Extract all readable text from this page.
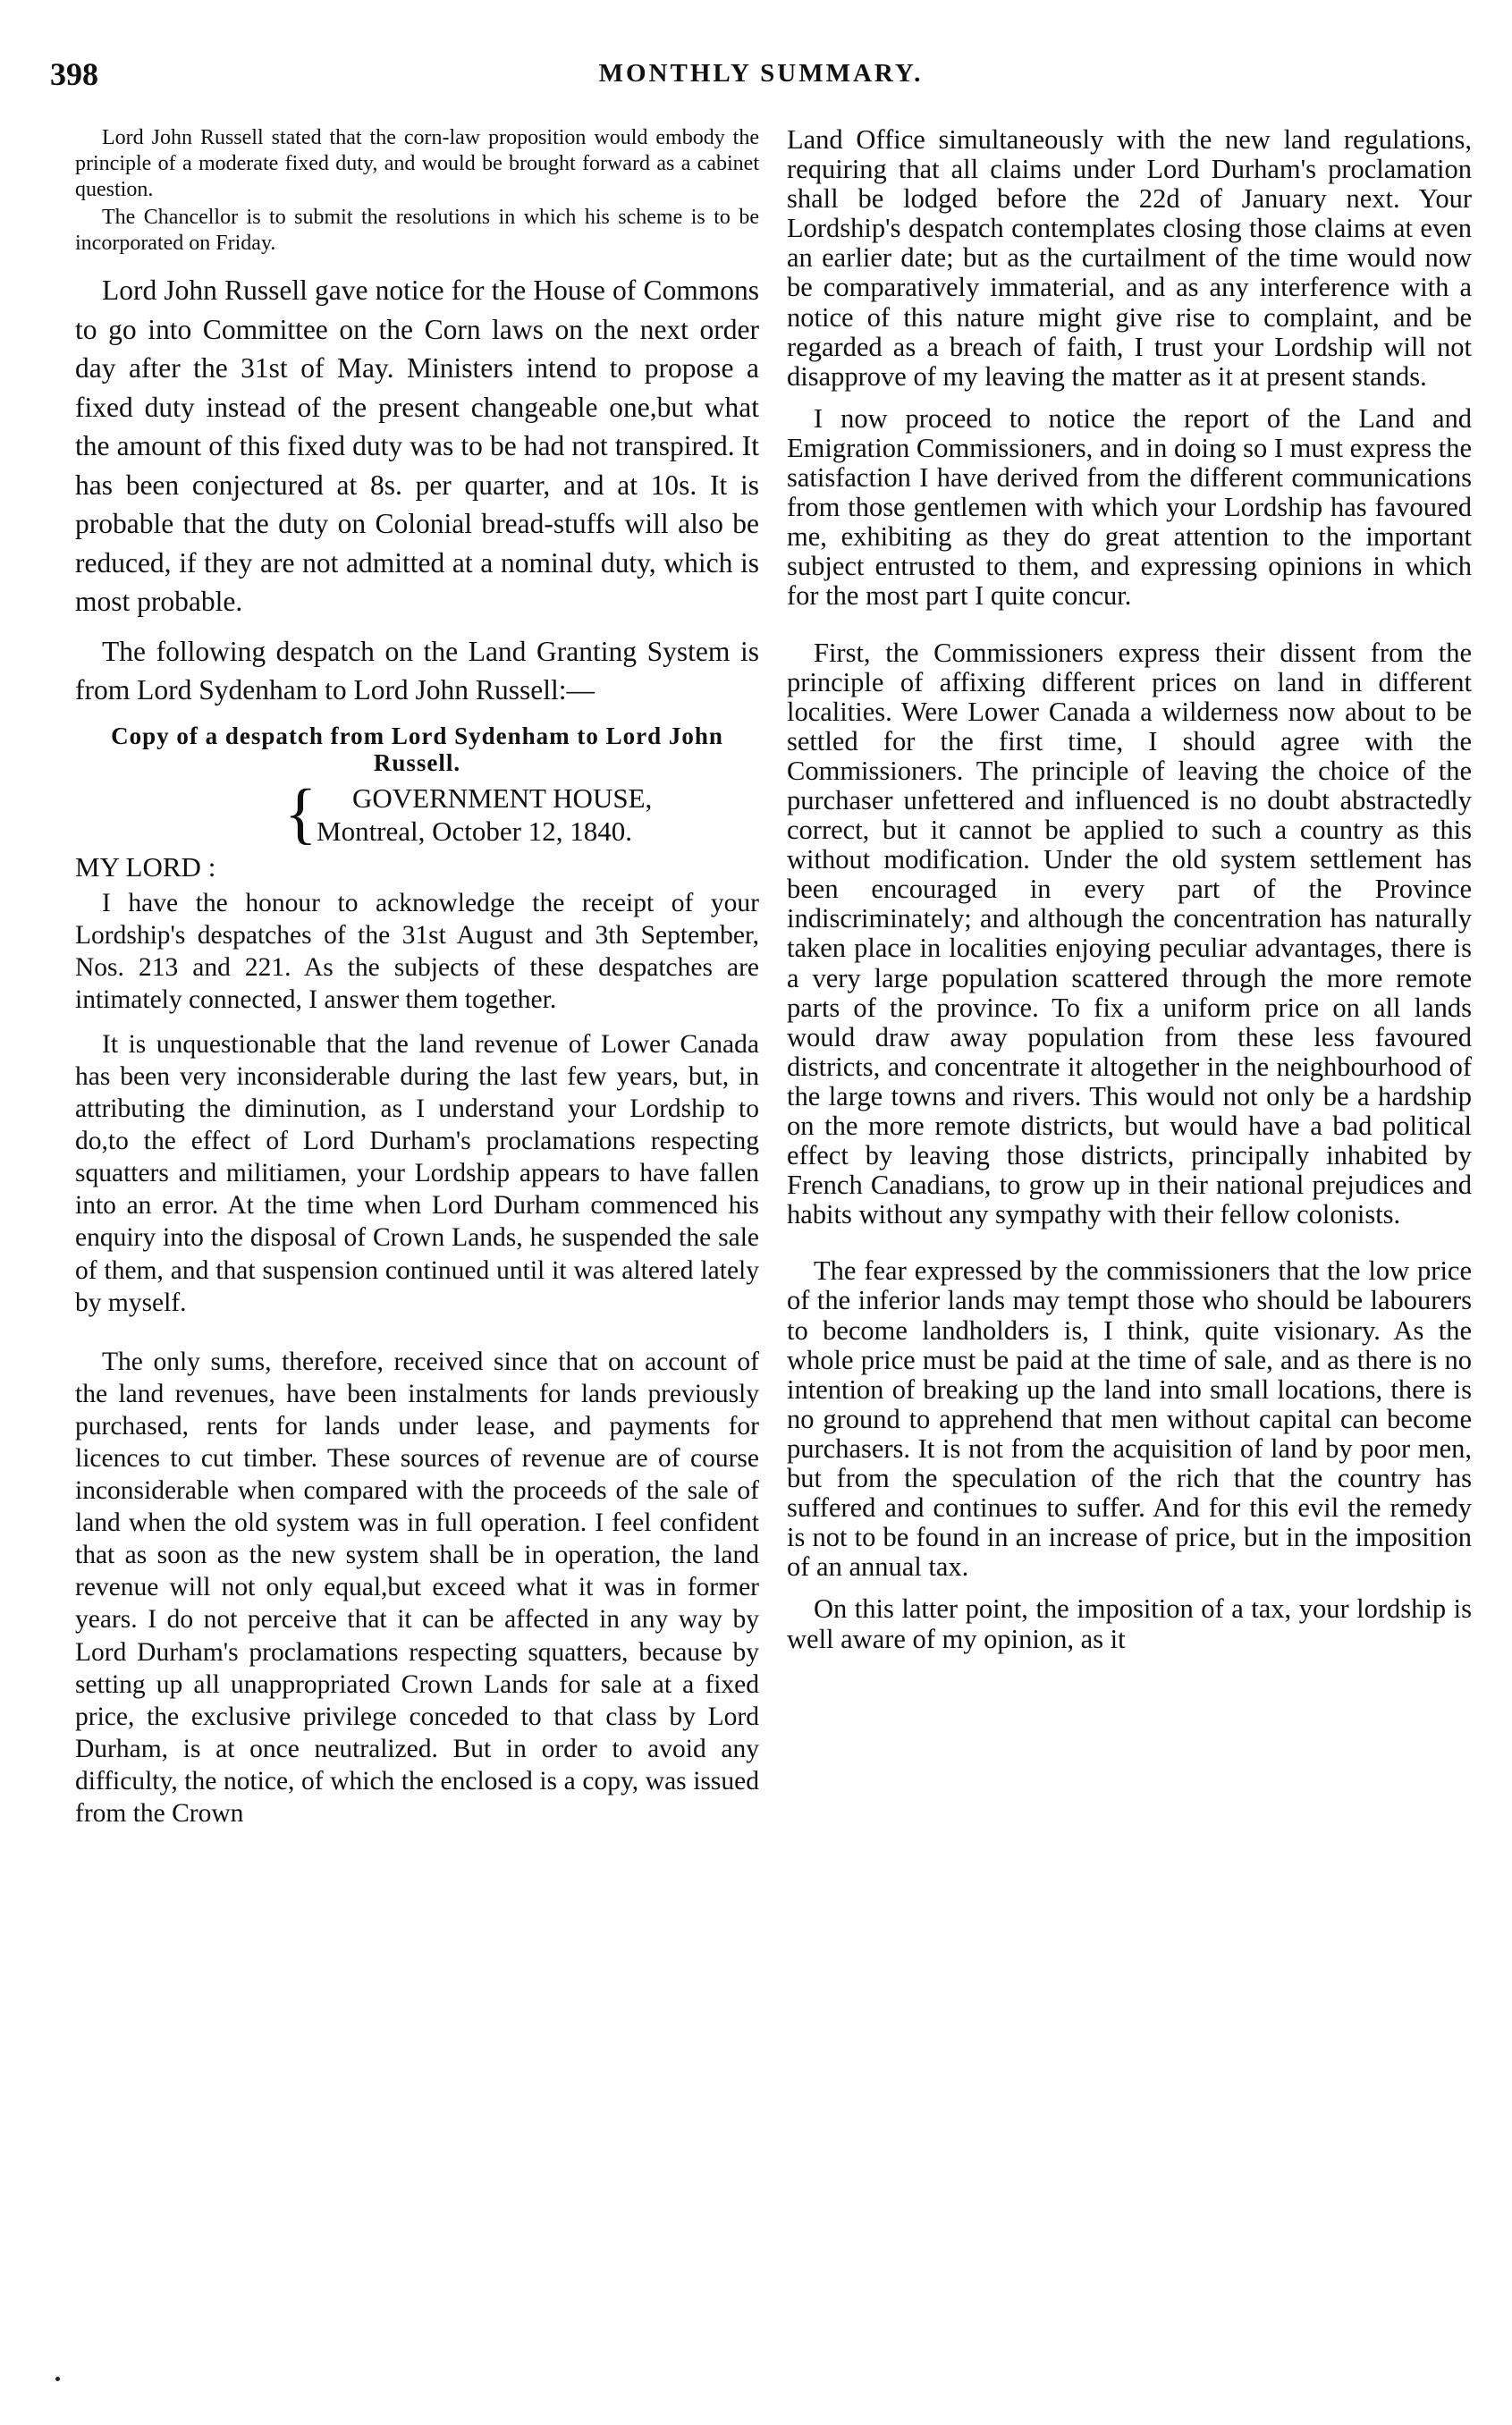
398	MONTHLY SUMMARY.

Lord John Russell stated that the corn-law proposition would embody the principle of a moderate fixed duty, and would be brought forward as a cabinet question.

The Chancellor is to submit the resolutions in which his scheme is to be incorporated on Friday.

Lord John Russell gave notice for the House of Commons to go into Committee on the Corn laws on the next order day after the 31st of May. Ministers intend to propose a fixed duty instead of the present changeable one,but what the amount of this fixed duty was to be had not transpired. It has been conjectured at 8s. per quarter, and at 10s. It is probable that the duty on Colonial bread-stuffs will also be reduced, if they are not admitted at a nominal duty, which is most probable.

The following despatch on the Land Granting System is from Lord Sydenham to Lord John Russell:—

Copy of a despatch from Lord Sydenham to Lord John Russell.
{	GOVERNMENT HOUSE,
Montreal, October 12, 1840.
MY LORD :

I have the honour to acknowledge the receipt of your Lordship's despatches of the 31st August and 3th September, Nos. 213 and 221. As the subjects of these despatches are intimately connected, I answer them together.

It is unquestionable that the land revenue of Lower Canada has been very inconsiderable during the last few years, but, in attributing the diminution, as I understand your Lordship to do,to the effect of Lord Durham's proclamations respecting squatters and militiamen, your Lordship appears to have fallen into an error. At the time when Lord Durham commenced his enquiry into the disposal of Crown Lands, he suspended the sale of them, and that suspension continued until it was altered lately by myself.

The only sums, therefore, received since that on account of the land revenues, have been instalments for lands previously purchased, rents for lands under lease, and payments for licences to cut timber. These sources of revenue are of course inconsiderable when compared with the proceeds of the sale of land when the old system was in full operation. I feel confident that as soon as the new system shall be in operation, the land revenue will not only equal,but exceed what it was in former years. I do not perceive that it can be affected in any way by Lord Durham's proclamations respecting squatters, because by setting up all unappropriated Crown Lands for sale at a fixed price, the exclusive privilege conceded to that class by Lord Durham, is at once neutralized. But in order to avoid any difficulty, the notice, of which the enclosed is a copy, was issued from the Crown

Land Office simultaneously with the new land regulations, requiring that all claims under Lord Durham's proclamation shall be lodged before the 22d of January next. Your Lordship's despatch contemplates closing those claims at even an earlier date; but as the curtailment of the time would now be comparatively immaterial, and as any interference with a notice of this nature might give rise to complaint, and be regarded as a breach of faith, I trust your Lordship will not disapprove of my leaving the matter as it at present stands.

I now proceed to notice the report of the Land and Emigration Commissioners, and in doing so I must express the satisfaction I have derived from the different communications from those gentlemen with which your Lordship has favoured me, exhibiting as they do great attention to the important subject entrusted to them, and expressing opinions in which for the most part I quite concur.

First, the Commissioners express their dissent from the principle of affixing different prices on land in different localities. Were Lower Canada a wilderness now about to be settled for the first time, I should agree with the Commissioners. The principle of leaving the choice of the purchaser unfettered and influenced is no doubt abstractedly correct, but it cannot be applied to such a country as this without modification. Under the old system settlement has been encouraged in every part of the Province indiscriminately; and although the concentration has naturally taken place in localities enjoying peculiar advantages, there is a very large population scattered through the more remote parts of the province. To fix a uniform price on all lands would draw away population from these less favoured districts, and concentrate it altogether in the neighbourhood of the large towns and rivers. This would not only be a hardship on the more remote districts, but would have a bad political effect by leaving those districts, principally inhabited by French Canadians, to grow up in their national prejudices and habits without any sympathy with their fellow colonists.

The fear expressed by the commissioners that the low price of the inferior lands may tempt those who should be labourers to become landholders is, I think, quite visionary. As the whole price must be paid at the time of sale, and as there is no intention of breaking up the land into small locations, there is no ground to apprehend that men without capital can become purchasers. It is not from the acquisition of land by poor men, but from the speculation of the rich that the country has suffered and continues to suffer. And for this evil the remedy is not to be found in an increase of price, but in the imposition of an annual tax.

On this latter point, the imposition of a tax, your lordship is well aware of my opinion, as it
